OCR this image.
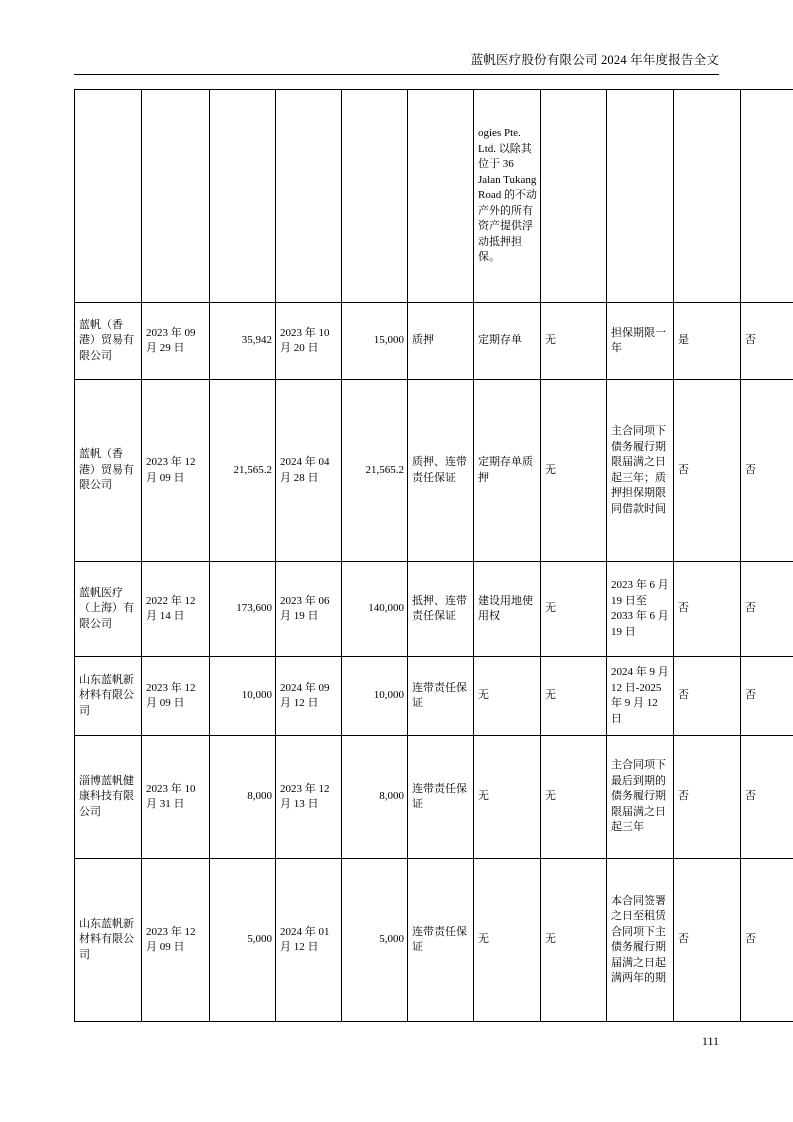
蓝帆医疗股份有限公司 2024 年年度报告全文
						ogies Pte. Ltd. 以除其位于 36 Jalan Tukang Road 的不动产外的所有资产提供浮动抵押担保。				
蓝帆（香港）贸易有限公司	2023 年 09 月 29 日	35,942	2023 年 10 月 20 日	15,000	质押	定期存单	无	担保期限一年	是	否
蓝帆（香港）贸易有限公司	2023 年 12 月 09 日	21,565.2	2024 年 04 月 28 日	21,565.2	质押、连带责任保证	定期存单质押	无	主合同项下债务履行期限届满之日起三年；质押担保期限同借款时间	否	否
蓝帆医疗（上海）有限公司	2022 年 12 月 14 日	173,600	2023 年 06 月 19 日	140,000	抵押、连带责任保证	建设用地使用权	无	2023 年 6 月 19 日至 2033 年 6 月 19 日	否	否
山东蓝帆新材料有限公司	2023 年 12 月 09 日	10,000	2024 年 09 月 12 日	10,000	连带责任保证	无	无	2024 年 9 月 12 日-2025 年 9 月 12 日	否	否
淄博蓝帆健康科技有限公司	2023 年 10 月 31 日	8,000	2023 年 12 月 13 日	8,000	连带责任保证	无	无	主合同项下最后到期的债务履行期限届满之日起三年	否	否
山东蓝帆新材料有限公司	2023 年 12 月 09 日	5,000	2024 年 01 月 12 日	5,000	连带责任保证	无	无	本合同签署之日至租赁合同项下主债务履行期届满之日起满两年的期	否	否
111
